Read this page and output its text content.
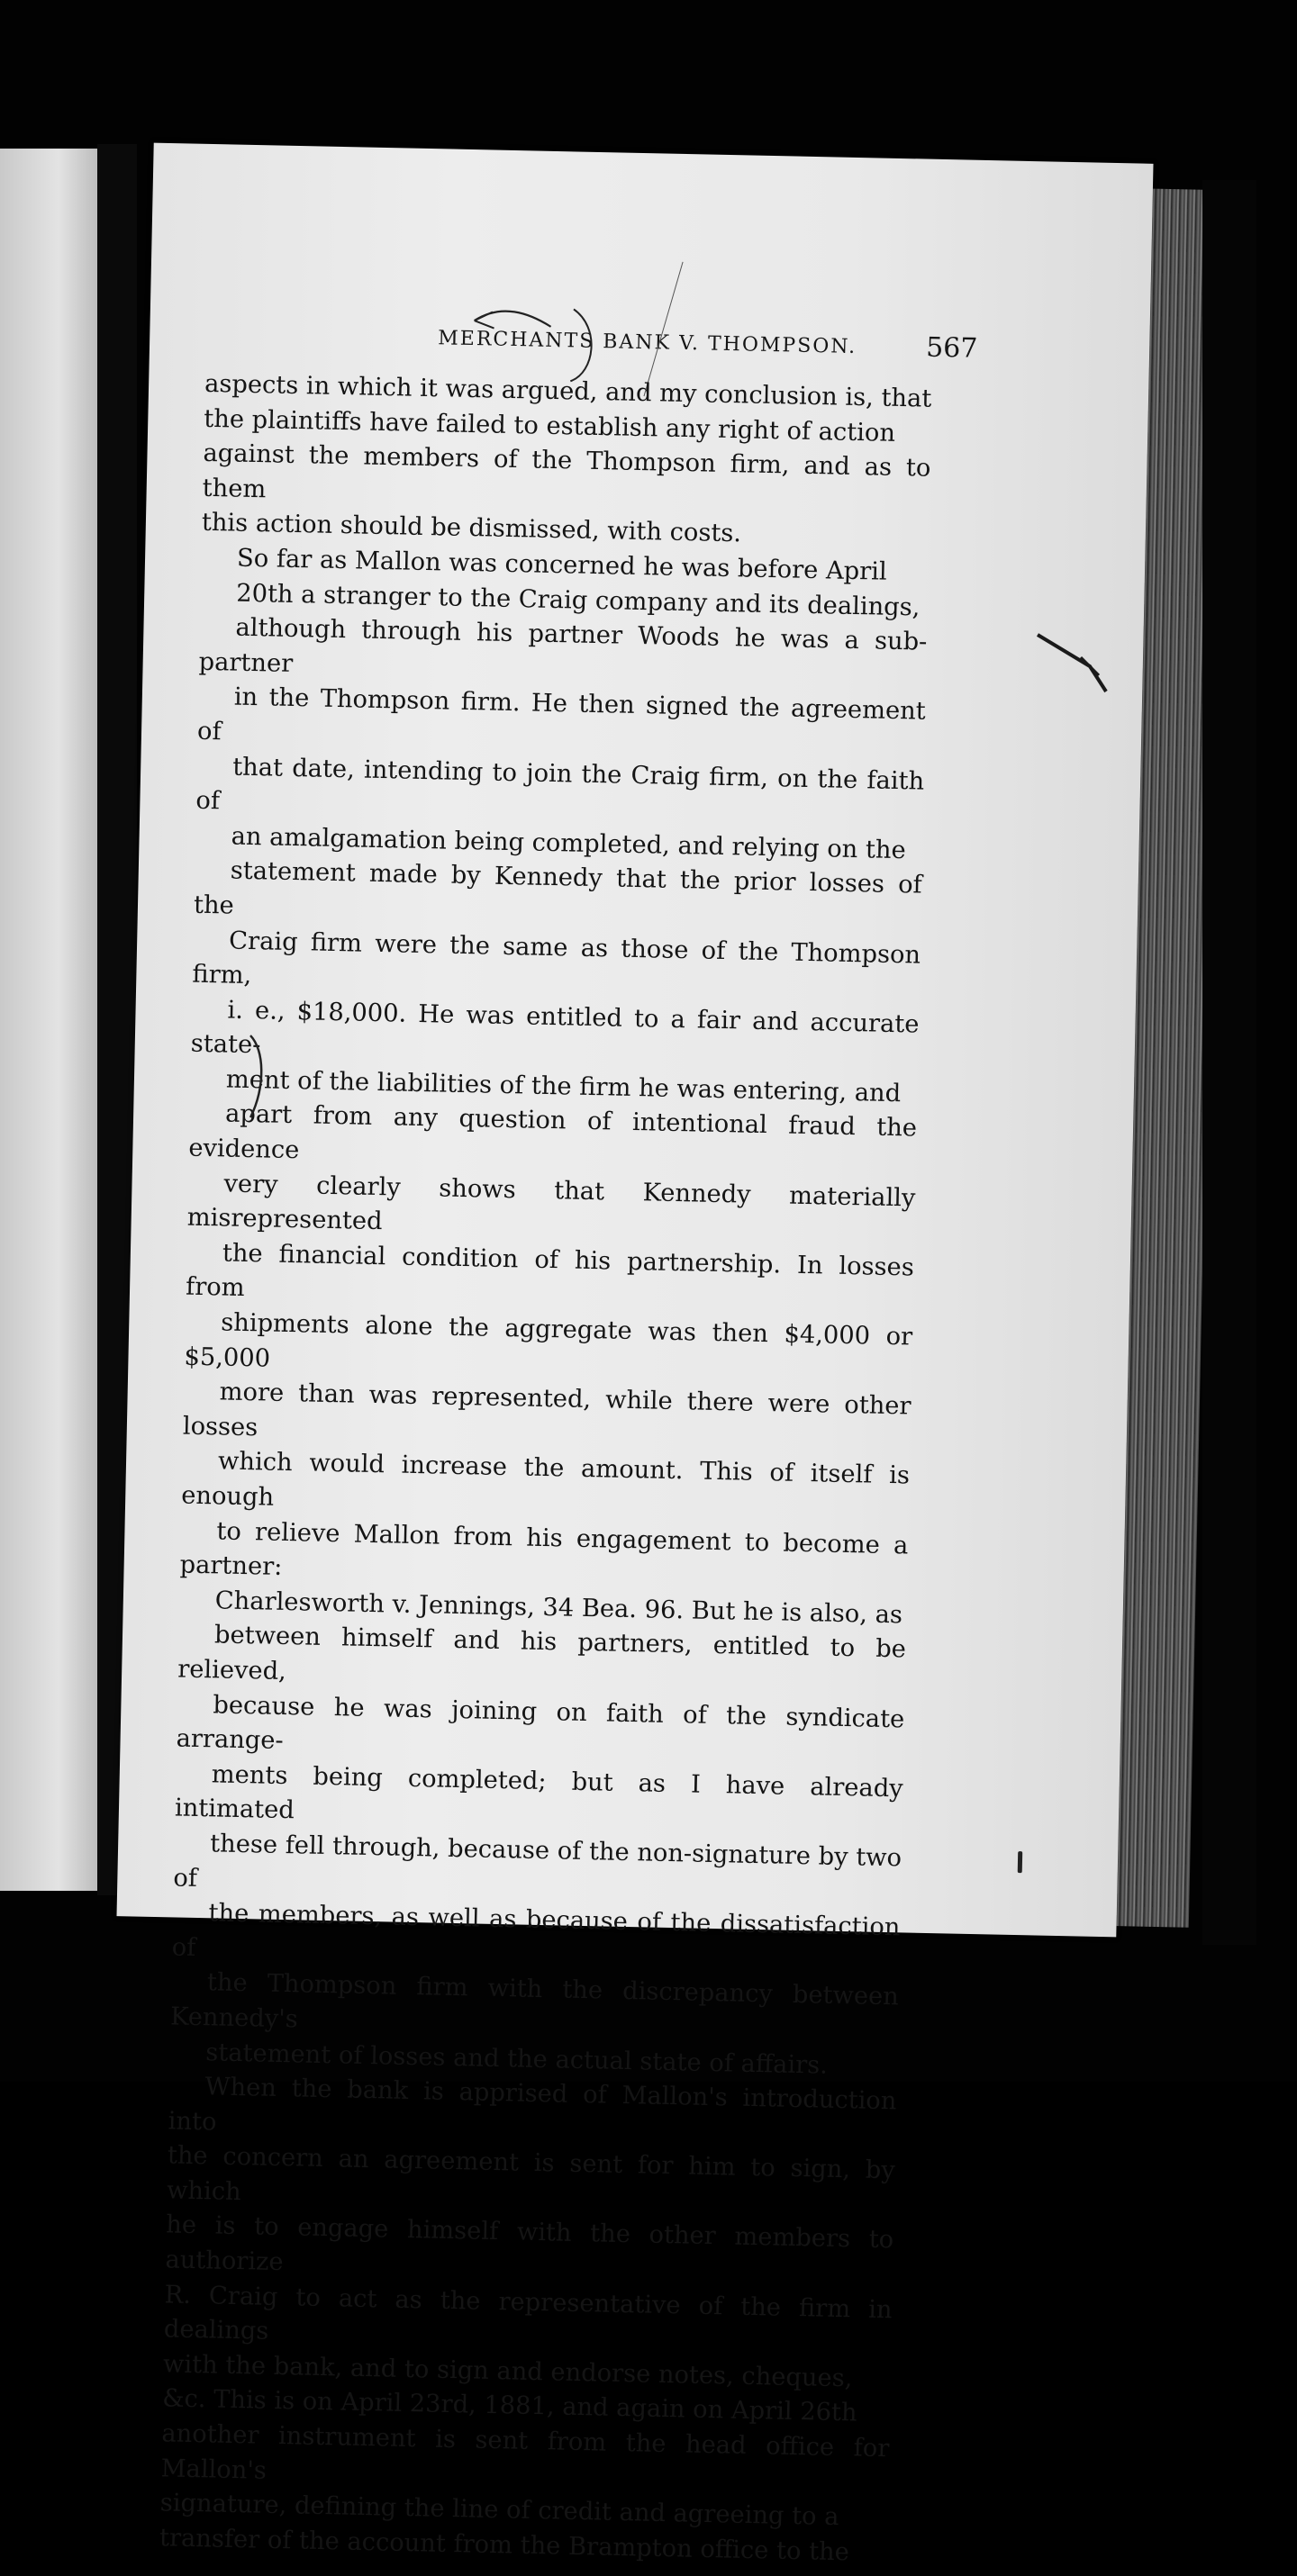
MERCHANTS BANK V. THOMPSON.	567
aspects in which it was argued, and my conclusion is, that
the plaintiffs have failed to establish any right of action
against the members of the Thompson firm, and as to them
this action should be dismissed, with costs.
So far as Mallon was concerned he was before April
20th a stranger to the Craig company and its dealings,
although through his partner Woods he was a sub-partner
in the Thompson firm. He then signed the agreement of
that date, intending to join the Craig firm, on the faith of
an amalgamation being completed, and relying on the
statement made by Kennedy that the prior losses of the
Craig firm were the same as those of the Thompson firm,
i. e., $18,000. He was entitled to a fair and accurate state-
ment of the liabilities of the firm he was entering, and
apart from any question of intentional fraud the evidence
very clearly shows that Kennedy materially misrepresented
the financial condition of his partnership. In losses from
shipments alone the aggregate was then $4,000 or $5,000
more than was represented, while there were other losses
which would increase the amount. This of itself is enough
to relieve Mallon from his engagement to become a partner:
Charlesworth v. Jennings, 34 Bea. 96. But he is also, as
between himself and his partners, entitled to be relieved,
because he was joining on faith of the syndicate arrange-
ments being completed; but as I have already intimated
these fell through, because of the non-signature by two of
the members, as well as because of the dissatisfaction of
the Thompson firm with the discrepancy between Kennedy's
statement of losses and the actual state of affairs.
When the bank is apprised of Mallon's introduction into
the concern an agreement is sent for him to sign, by which
he is to engage himself with the other members to authorize
R. Craig to act as the representative of the firm in dealings
with the bank, and to sign and endorse notes, cheques,
&c. This is on April 23rd, 1881, and again on April 26th
another instrument is sent from the head office for Mallon's
signature, defining the line of credit and agreeing to a
transfer of the account from the Brampton office to the
